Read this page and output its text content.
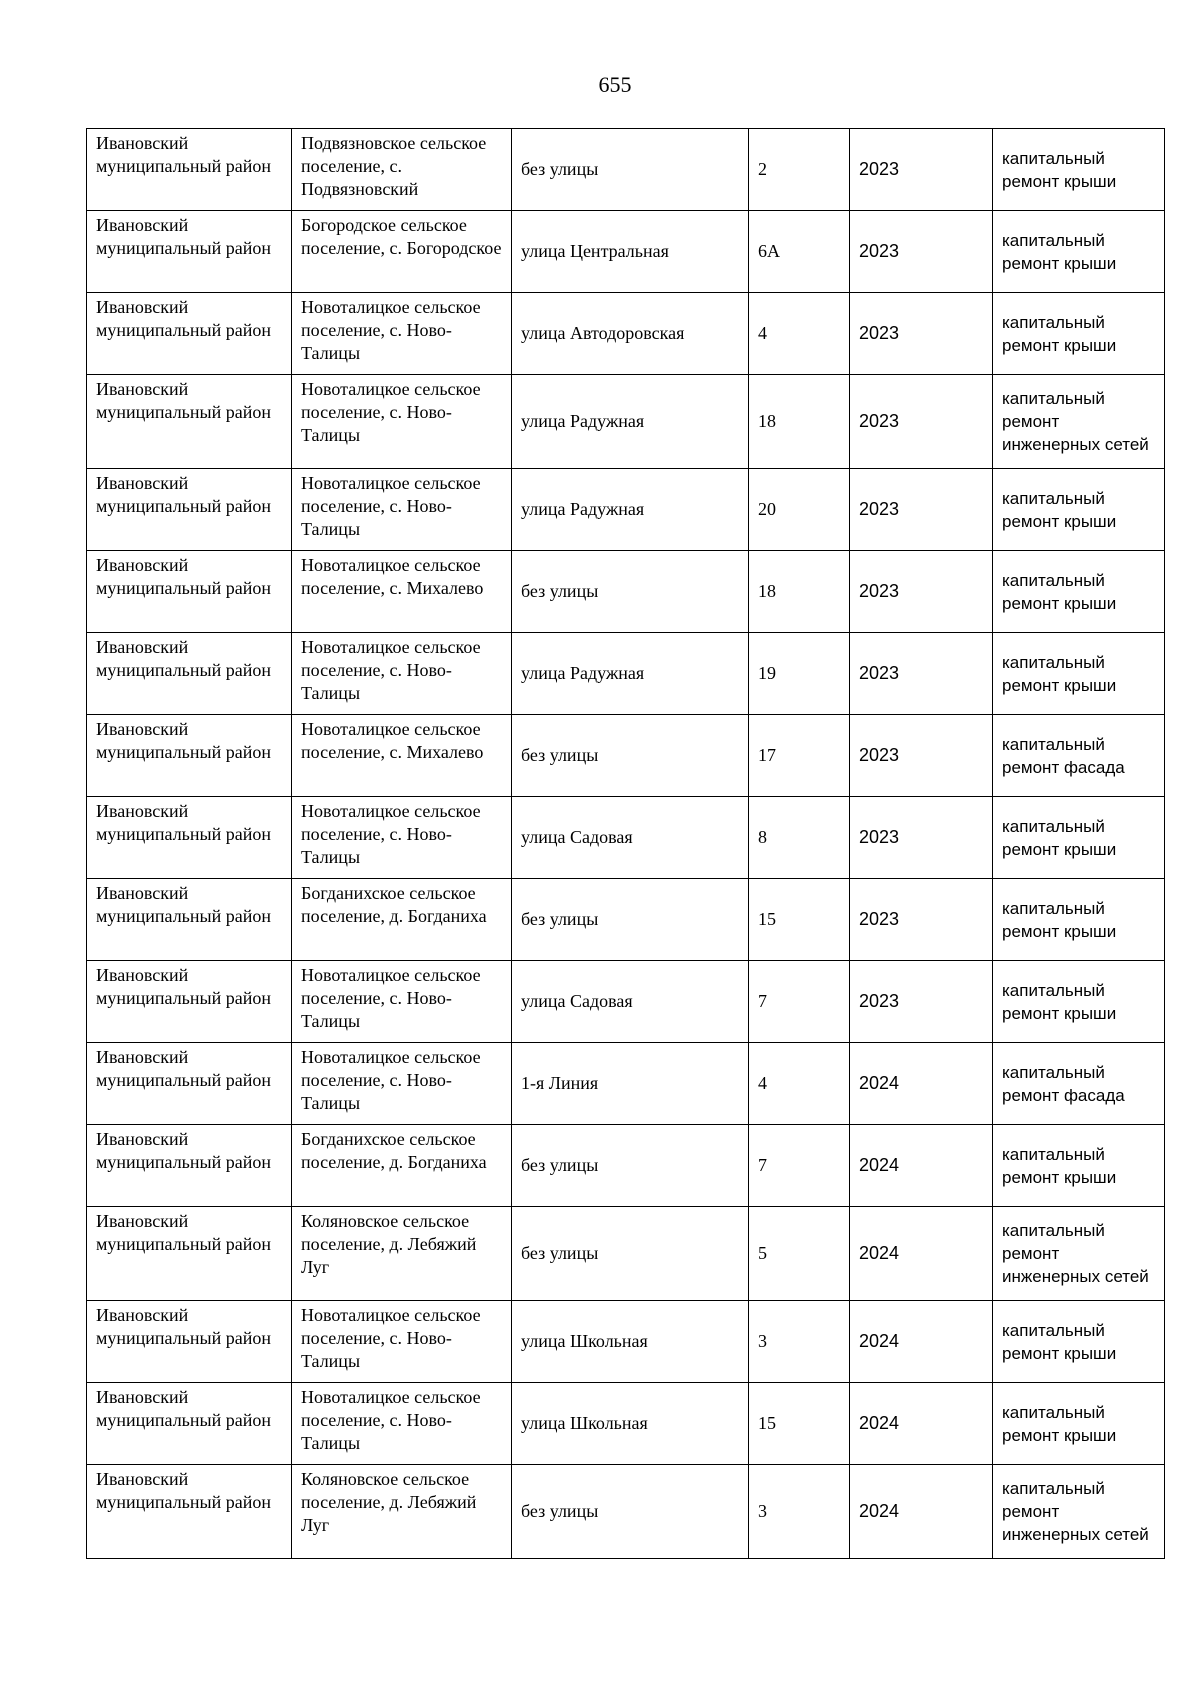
655
Ивановский муниципальный район	Подвязновское сельское поселение, с. Подвязновский	без улицы	2	2023	капитальный ремонт крыши
Ивановский муниципальный район	Богородское сельское поселение, с. Богородское	улица Центральная	6А	2023	капитальный ремонт крыши
Ивановский муниципальный район	Новоталицкое сельское поселение, с. Ново-Талицы	улица Автодоровская	4	2023	капитальный ремонт крыши
Ивановский муниципальный район	Новоталицкое сельское поселение, с. Ново-Талицы	улица Радужная	18	2023	капитальный ремонт инженерных сетей
Ивановский муниципальный район	Новоталицкое сельское поселение, с. Ново-Талицы	улица Радужная	20	2023	капитальный ремонт крыши
Ивановский муниципальный район	Новоталицкое сельское поселение, с. Михалево	без улицы	18	2023	капитальный ремонт крыши
Ивановский муниципальный район	Новоталицкое сельское поселение, с. Ново-Талицы	улица Радужная	19	2023	капитальный ремонт крыши
Ивановский муниципальный район	Новоталицкое сельское поселение, с. Михалево	без улицы	17	2023	капитальный ремонт фасада
Ивановский муниципальный район	Новоталицкое сельское поселение, с. Ново-Талицы	улица Садовая	8	2023	капитальный ремонт крыши
Ивановский муниципальный район	Богданихское сельское поселение, д. Богданиха	без улицы	15	2023	капитальный ремонт крыши
Ивановский муниципальный район	Новоталицкое сельское поселение, с. Ново-Талицы	улица Садовая	7	2023	капитальный ремонт крыши
Ивановский муниципальный район	Новоталицкое сельское поселение, с. Ново-Талицы	1-я Линия	4	2024	капитальный ремонт фасада
Ивановский муниципальный район	Богданихское сельское поселение, д. Богданиха	без улицы	7	2024	капитальный ремонт крыши
Ивановский муниципальный район	Коляновское сельское поселение, д. Лебяжий Луг	без улицы	5	2024	капитальный ремонт инженерных сетей
Ивановский муниципальный район	Новоталицкое сельское поселение, с. Ново-Талицы	улица Школьная	3	2024	капитальный ремонт крыши
Ивановский муниципальный район	Новоталицкое сельское поселение, с. Ново-Талицы	улица Школьная	15	2024	капитальный ремонт крыши
Ивановский муниципальный район	Коляновское сельское поселение, д. Лебяжий Луг	без улицы	3	2024	капитальный ремонт инженерных сетей
